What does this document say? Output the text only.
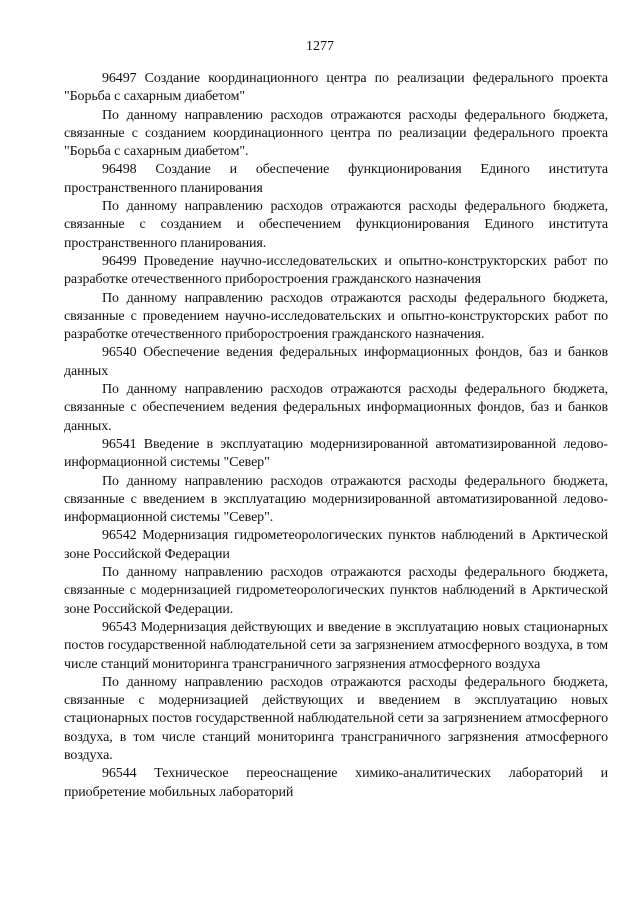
1277

96497 Создание координационного центра по реализации федерального проекта "Борьба с сахарным диабетом"

По данному направлению расходов отражаются расходы федерального бюджета, связанные с созданием координационного центра по реализации федерального проекта "Борьба с сахарным диабетом".

96498 Создание и обеспечение функционирования Единого института пространственного планирования

По данному направлению расходов отражаются расходы федерального бюджета, связанные с созданием и обеспечением функционирования Единого института пространственного планирования.

96499 Проведение научно-исследовательских и опытно-конструкторских работ по разработке отечественного приборостроения гражданского назначения

По данному направлению расходов отражаются расходы федерального бюджета, связанные с проведением научно-исследовательских и опытно-конструкторских работ по разработке отечественного приборостроения гражданского назначения.

96540 Обеспечение ведения федеральных информационных фондов, баз и банков данных

По данному направлению расходов отражаются расходы федерального бюджета, связанные с обеспечением ведения федеральных информационных фондов, баз и банков данных.

96541 Введение в эксплуатацию модернизированной автоматизированной ледово-информационной системы "Север"

По данному направлению расходов отражаются расходы федерального бюджета, связанные с введением в эксплуатацию модернизированной автоматизированной ледово-информационной системы "Север".

96542 Модернизация гидрометеорологических пунктов наблюдений в Арктической зоне Российской Федерации

По данному направлению расходов отражаются расходы федерального бюджета, связанные с модернизацией гидрометеорологических пунктов наблюдений в Арктической зоне Российской Федерации.

96543 Модернизация действующих и введение в эксплуатацию новых стационарных постов государственной наблюдательной сети за загрязнением атмосферного воздуха, в том числе станций мониторинга трансграничного загрязнения атмосферного воздуха

По данному направлению расходов отражаются расходы федерального бюджета, связанные с модернизацией действующих и введением в эксплуатацию новых стационарных постов государственной наблюдательной сети за загрязнением атмосферного воздуха, в том числе станций мониторинга трансграничного загрязнения атмосферного воздуха.

96544 Техническое переоснащение химико-аналитических лабораторий и приобретение мобильных лабораторий
